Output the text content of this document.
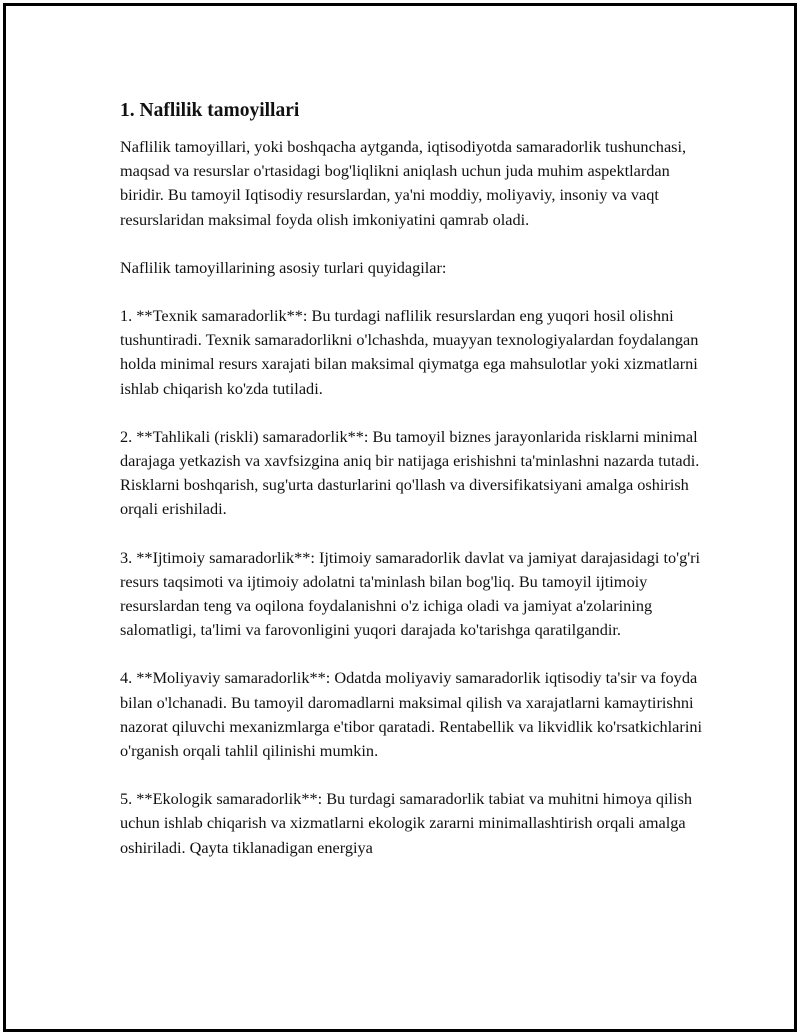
1. Naflilik tamoyillari

Naflilik tamoyillari, yoki boshqacha aytganda, iqtisodiyotda samaradorlik tushunchasi, maqsad va resurslar o'rtasidagi bog'liqlikni aniqlash uchun juda muhim aspektlardan biridir. Bu tamoyil Iqtisodiy resurslardan, ya'ni moddiy, moliyaviy, insoniy va vaqt resurslaridan maksimal foyda olish imkoniyatini qamrab oladi.

Naflilik tamoyillarining asosiy turlari quyidagilar:

1. **Texnik samaradorlik**: Bu turdagi naflilik resurslardan eng yuqori hosil olishni tushuntiradi. Texnik samaradorlikni o'lchashda, muayyan texnologiyalardan foydalangan holda minimal resurs xarajati bilan maksimal qiymatga ega mahsulotlar yoki xizmatlarni ishlab chiqarish ko'zda tutiladi.

2. **Tahlikali (riskli) samaradorlik**: Bu tamoyil biznes jarayonlarida risklarni minimal darajaga yetkazish va xavfsizgina aniq bir natijaga erishishni ta'minlashni nazarda tutadi. Risklarni boshqarish, sug'urta dasturlarini qo'llash va diversifikatsiyani amalga oshirish orqali erishiladi.

3. **Ijtimoiy samaradorlik**: Ijtimoiy samaradorlik davlat va jamiyat darajasidagi to'g'ri resurs taqsimoti va ijtimoiy adolatni ta'minlash bilan bog'liq. Bu tamoyil ijtimoiy resurslardan teng va oqilona foydalanishni o'z ichiga oladi va jamiyat a'zolarining salomatligi, ta'limi va farovonligini yuqori darajada ko'tarishga qaratilgandir.

4. **Moliyaviy samaradorlik**: Odatda moliyaviy samaradorlik iqtisodiy ta'sir va foyda bilan o'lchanadi. Bu tamoyil daromadlarni maksimal qilish va xarajatlarni kamaytirishni nazorat qiluvchi mexanizmlarga e'tibor qaratadi. Rentabellik va likvidlik ko'rsatkichlarini o'rganish orqali tahlil qilinishi mumkin.

5. **Ekologik samaradorlik**: Bu turdagi samaradorlik tabiat va muhitni himoya qilish uchun ishlab chiqarish va xizmatlarni ekologik zararni minimallashtirish orqali amalga oshiriladi. Qayta tiklanadigan energiya
